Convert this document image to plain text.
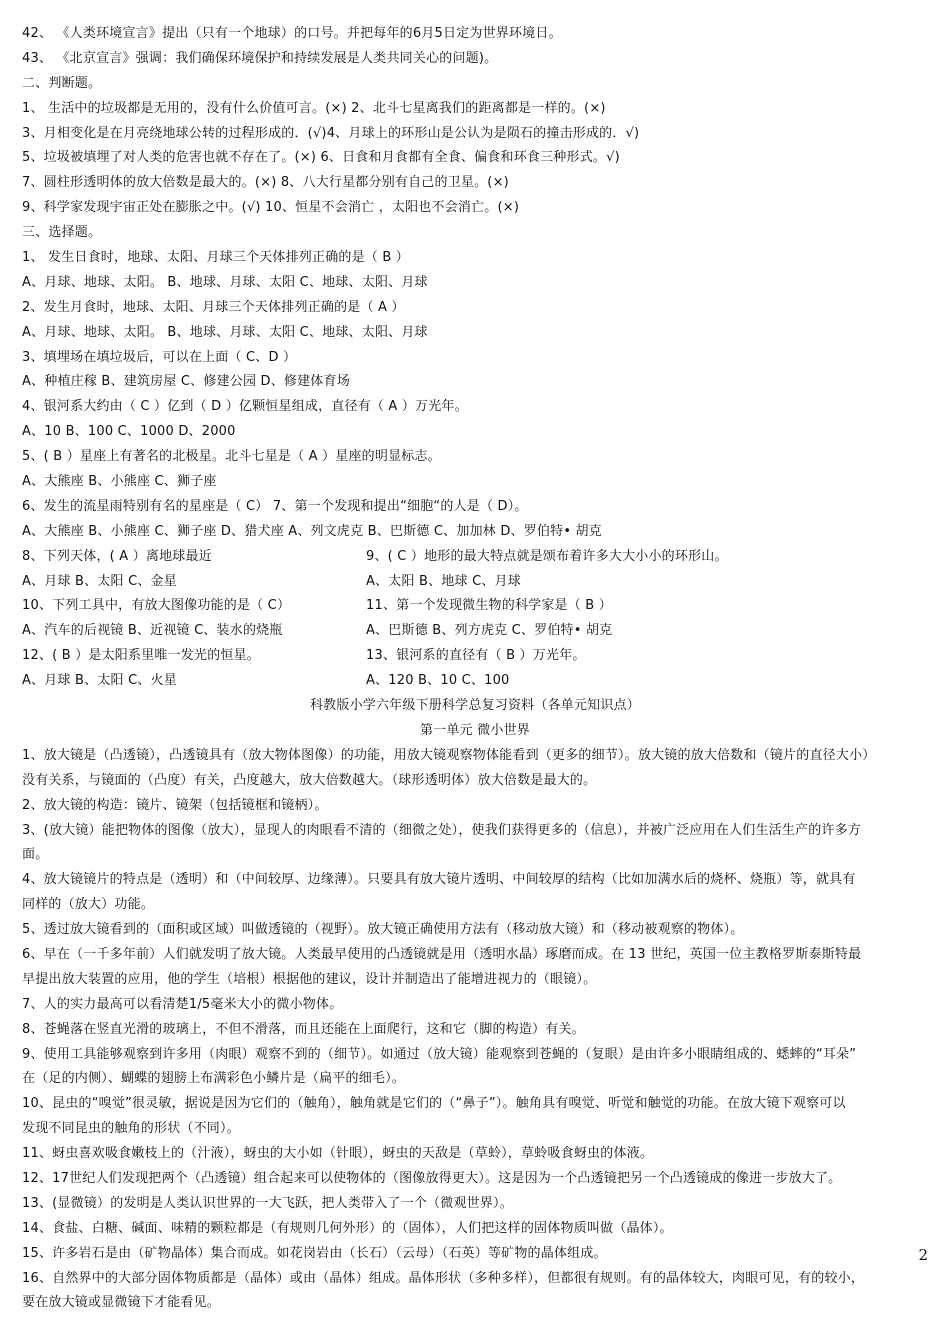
42、 《人类环境宣言》提出（只有一个地球）的口号。并把每年的6月5日定为世界环境日。
43、 《北京宣言》强调：我们确保环境保护和持续发展是人类共同关心的问题)。
二、判断题。
1、 生活中的垃圾都是无用的，没有什么价值可言。(×) 2、北斗七星离我们的距离都是一样的。(×)
3、月相变化是在月亮绕地球公转的过程形成的．(√)4、月球上的环形山是公认为是陨石的撞击形成的．√)
5、垃圾被填埋了对人类的危害也就不存在了。(×) 6、日食和月食都有全食、偏食和环食三种形式。√)
7、圆柱形透明体的放大倍数是最大的。(×) 8、八大行星都分别有自己的卫星。(×)
9、科学家发现宇宙正处在膨胀之中。(√) 10、恒星不会消亡 ，太阳也不会消亡。(×)
三、选择题。
1、 发生日食时，地球、太阳、月球三个天体排列正确的是（ B ）
A、月球、地球、太阳。 B、地球、月球、太阳 C、地球、太阳、月球
2、发生月食时，地球、太阳、月球三个天体排列正确的是（ A ）
A、月球、地球、太阳。 B、地球、月球、太阳 C、地球、太阳、月球
3、填埋场在填垃圾后，可以在上面（ C、D ）
A、种植庄稼 B、建筑房屋 C、修建公园 D、修建体育场
4、银河系大约由（ C ）亿到（ D ）亿颗恒星组成，直径有（ A ）万光年。
A、10 B、100 C、1000 D、2000
5、( B ）星座上有著名的北极星。北斗七星是（ A ）星座的明显标志。
A、大熊座 B、小熊座 C、狮子座
6、发生的流星雨特别有名的星座是（ C） 7、第一个发现和提出“细胞“的人是（ D）。
A、大熊座 B、小熊座 C、狮子座 D、猎犬座 A、列文虎克 B、巴斯德 C、加加林 D、罗伯特• 胡克
8、下列天体，( A ）离地球最近	9、( C ）地形的最大特点就是颂布着许多大大小小的环形山。
A、月球 B、太阳 C、金星	A、太阳 B、地球 C、月球
10、下列工具中，有放大图像功能的是（ C）	11、第一个发现微生物的科学家是（ B ）
A、汽车的后视镜 B、近视镜 C、装水的烧瓶	A、巴斯德 B、列方虎克 C、罗伯特• 胡克
12、( B ）是太阳系里唯一发光的恒星。	13、银河系的直径有（ B ）万光年。
A、月球 B、太阳 C、火星	A、120 B、10 C、100
科教版小学六年级下册科学总复习资料（各单元知识点）
第一单元 微小世界
1、放大镜是（凸透镜），凸透镜具有（放大物体图像）的功能，用放大镜观察物体能看到（更多的细节）。放大镜的放大倍数和（镜片的直径大小）
没有关系，与镜面的（凸度）有关，凸度越大，放大倍数越大。（球形透明体）放大倍数是最大的。
2、放大镜的构造：镜片、镜架（包括镜框和镜柄）。
3、(放大镜）能把物体的图像（放大），显现人的肉眼看不清的（细微之处），使我们获得更多的（信息），并被广泛应用在人们生活生产的许多方
面。
4、放大镜镜片的特点是（透明）和（中间较厚、边缘薄）。只要具有放大镜片透明、中间较厚的结构（比如加满水后的烧杯、烧瓶）等，就具有
同样的（放大）功能。
5、透过放大镜看到的（面积或区域）叫做透镜的（视野）。放大镜正确使用方法有（移动放大镜）和（移动被观察的物体）。
6、早在（一千多年前）人们就发明了放大镜。人类最早使用的凸透镜就是用（透明水晶）琢磨而成。在 13 世纪，英国一位主教格罗斯泰斯特最
早提出放大装置的应用，他的学生（培根）根据他的建议，设计并制造出了能增进视力的（眼镜）。
7、人的实力最高可以看清楚1/5毫米大小的微小物体。
8、苍蝇落在竖直光滑的玻璃上，不但不滑落，而且还能在上面爬行，这和它（脚的构造）有关。
9、使用工具能够观察到许多用（肉眼）观察不到的（细节）。如通过（放大镜）能观察到苍蝇的（复眼）是由许多小眼睛组成的、蟋蟀的“耳朵”
在（足的内侧）、蝴蝶的翅膀上布满彩色小鳞片是（扁平的细毛）。
10、昆虫的“嗅觉”很灵敏，据说是因为它们的（触角），触角就是它们的（“鼻子”）。触角具有嗅觉、听觉和触觉的功能。在放大镜下观察可以
发现不同昆虫的触角的形状（不同）。
11、蚜虫喜欢吸食嫩枝上的（汁液），蚜虫的大小如（针眼），蚜虫的天敌是（草蛉），草蛉吸食蚜虫的体液。
12、17世纪人们发现把两个（凸透镜）组合起来可以使物体的（图像放得更大）。这是因为一个凸透镜把另一个凸透镜成的像进一步放大了。
13、(显微镜）的发明是人类认识世界的一大飞跃，把人类带入了一个（微观世界）。
14、食盐、白糖、碱面、味精的颗粒都是（有规则几何外形）的（固体），人们把这样的固体物质叫做（晶体）。
15、许多岩石是由（矿物晶体）集合而成。如花岗岩由（长石）（云母）（石英）等矿物的晶体组成。
16、自然界中的大部分固体物质都是（晶体）或由（晶体）组成。晶体形状（多种多样），但都很有规则。有的晶体较大，肉眼可见，有的较小，
要在放大镜或显微镜下才能看见。
2
